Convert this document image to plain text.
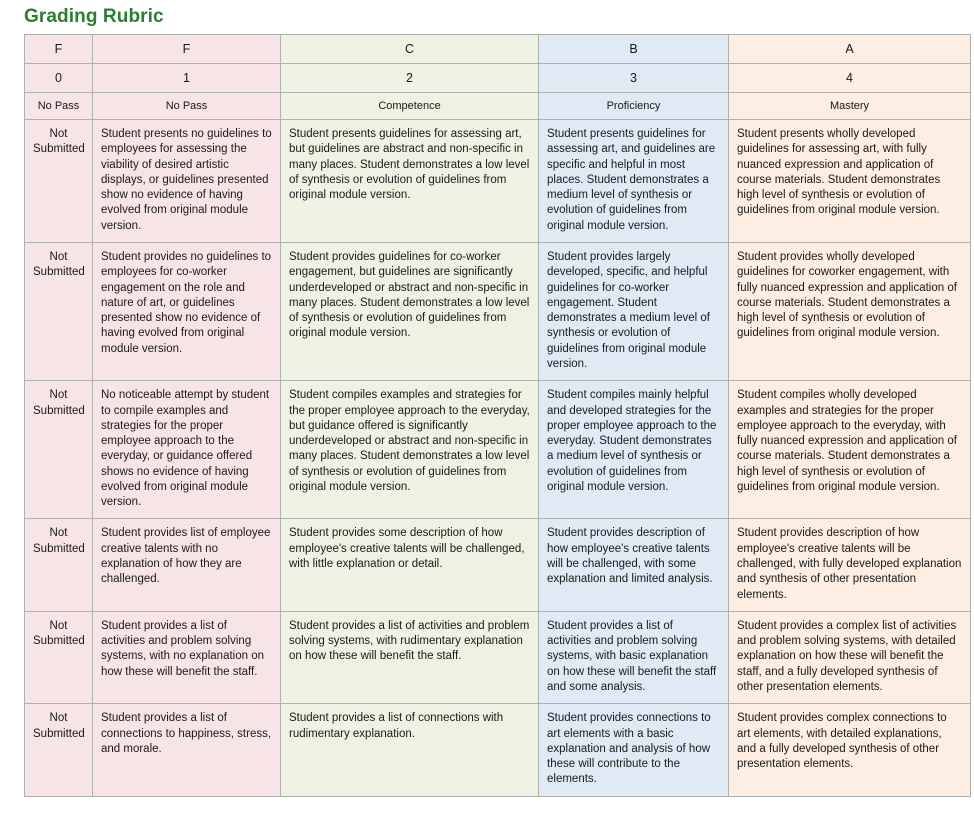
Grading Rubric
F	F	C	B	A
0	1	2	3	4
No Pass	No Pass	Competence	Proficiency	Mastery
Not Submitted	Student presents no guidelines to employees for assessing the viability of desired artistic displays, or guidelines presented show no evidence of having evolved from original module version.	Student presents guidelines for assessing art, but guidelines are abstract and non-specific in many places. Student demonstrates a low level of synthesis or evolution of guidelines from original module version.	Student presents guidelines for assessing art, and guidelines are specific and helpful in most places. Student demonstrates a medium level of synthesis or evolution of guidelines from original module version.	Student presents wholly developed guidelines for assessing art, with fully nuanced expression and application of course materials. Student demonstrates high level of synthesis or evolution of guidelines from original module version.
Not Submitted	Student provides no guidelines to employees for co-worker engagement on the role and nature of art, or guidelines presented show no evidence of having evolved from original module version.	Student provides guidelines for co-worker engagement, but guidelines are significantly underdeveloped or abstract and non-specific in many places. Student demonstrates a low level of synthesis or evolution of guidelines from original module version.	Student provides largely developed, specific, and helpful guidelines for co-worker engagement. Student demonstrates a medium level of synthesis or evolution of guidelines from original module version.	Student provides wholly developed guidelines for coworker engagement, with fully nuanced expression and application of course materials. Student demonstrates a high level of synthesis or evolution of guidelines from original module version.
Not Submitted	No noticeable attempt by student to compile examples and strategies for the proper employee approach to the everyday, or guidance offered shows no evidence of having evolved from original module version.	Student compiles examples and strategies for the proper employee approach to the everyday, but guidance offered is significantly underdeveloped or abstract and non-specific in many places. Student demonstrates a low level of synthesis or evolution of guidelines from original module version.	Student compiles mainly helpful and developed strategies for the proper employee approach to the everyday. Student demonstrates a medium level of synthesis or evolution of guidelines from original module version.	Student compiles wholly developed examples and strategies for the proper employee approach to the everyday, with fully nuanced expression and application of course materials. Student demonstrates a high level of synthesis or evolution of guidelines from original module version.
Not Submitted	Student provides list of employee creative talents with no explanation of how they are challenged.	Student provides some description of how employee's creative talents will be challenged, with little explanation or detail.	Student provides description of how employee's creative talents will be challenged, with some explanation and limited analysis.	Student provides description of how employee's creative talents will be challenged, with fully developed explanation and synthesis of other presentation elements.
Not Submitted	Student provides a list of activities and problem solving systems, with no explanation on how these will benefit the staff.	Student provides a list of activities and problem solving systems, with rudimentary explanation on how these will benefit the staff.	Student provides a list of activities and problem solving systems, with basic explanation on how these will benefit the staff and some analysis.	Student provides a complex list of activities and problem solving systems, with detailed explanation on how these will benefit the staff, and a fully developed synthesis of other presentation elements.
Not Submitted	Student provides a list of connections to happiness, stress, and morale.	Student provides a list of connections with rudimentary explanation.	Student provides connections to art elements with a basic explanation and analysis of how these will contribute to the elements.	Student provides complex connections to art elements, with detailed explanations, and a fully developed synthesis of other presentation elements.
